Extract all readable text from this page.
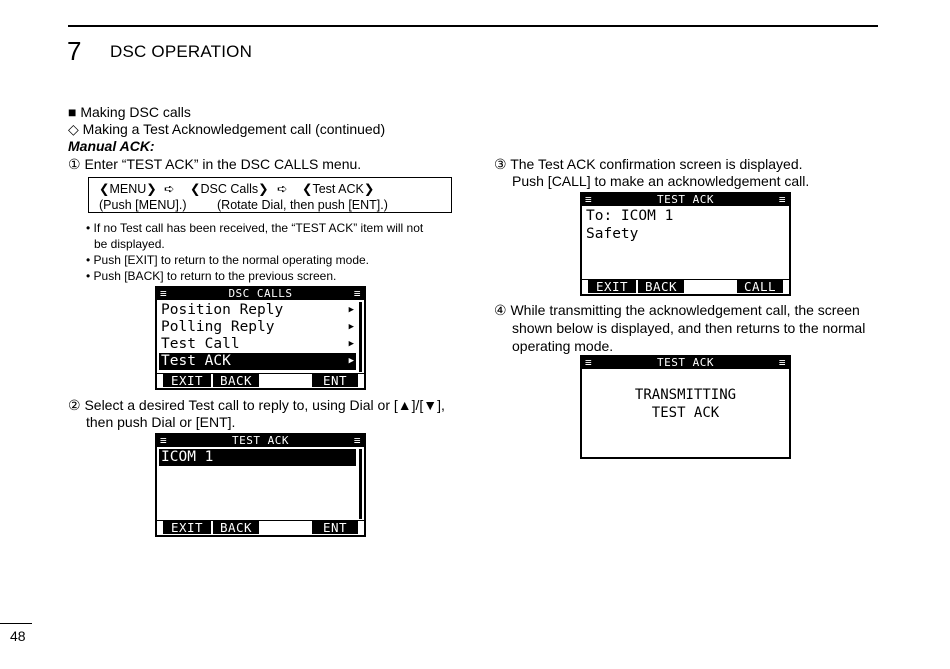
7 DSC OPERATION
■ Making DSC calls
◇ Making a Test Acknowledgement call (continued)
Manual ACK:
① Enter “TEST ACK” in the DSC CALLS menu.
❮MENU❯ ➪ ❮DSC Calls❯ ➪ ❮Test ACK❯
(Push [MENU].) (Rotate Dial, then push [ENT].)
• If no Test call has been received, the “TEST ACK” item will not
be displayed.
• Push [EXIT] to return to the normal operating mode.
• Push [BACK] to return to the previous screen.
≡	DSC CALLS	≡
Position Reply	▶
Polling Reply	▶
Test Call	▶
Test ACK	▶
EXIT	BACK	ENT
② Select a desired Test call to reply to, using Dial or [▲]/[▼],
then push Dial or [ENT].
≡	TEST ACK	≡
ICOM 1
EXIT	BACK	ENT
③ The Test ACK confirmation screen is displayed.
Push [CALL] to make an acknowledgement call.
≡	TEST ACK	≡
To: ICOM 1
Safety
EXIT	BACK	CALL
④ While transmitting the acknowledgement call, the screen
shown below is displayed, and then returns to the normal
operating mode.
≡	TEST ACK	≡
TRANSMITTING
TEST ACK
48
